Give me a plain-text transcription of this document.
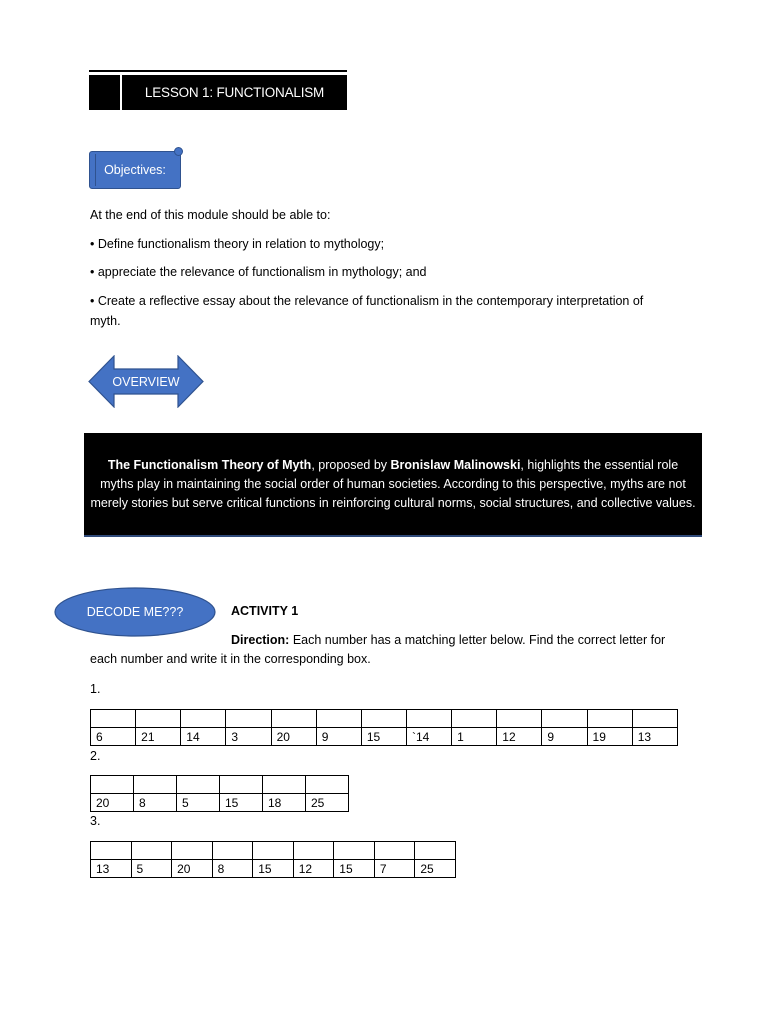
LESSON 1: FUNCTIONALISM
Objectives:
At the end of this module should be able to:
• Define functionalism theory in relation to mythology;
• appreciate the relevance of functionalism in mythology; and
• Create a reflective essay about the relevance of functionalism in the contemporary interpretation of myth.
OVERVIEW
The Functionalism Theory of Myth, proposed by Bronislaw Malinowski, highlights the essential role myths play in maintaining the social order of human societies. According to this perspective, myths are not merely stories but serve critical functions in reinforcing cultural norms, social structures, and collective values.
DECODE ME???	ACTIVITY 1
Direction: Each number has a matching letter below. Find the correct letter for each number and write it in the corresponding box.
1.

6	21	14	3	20	9	15	`14	1	12	9	19	13
2.

20	8	5	15	18	25
3.

13	5	20	8	15	12	15	7	25
